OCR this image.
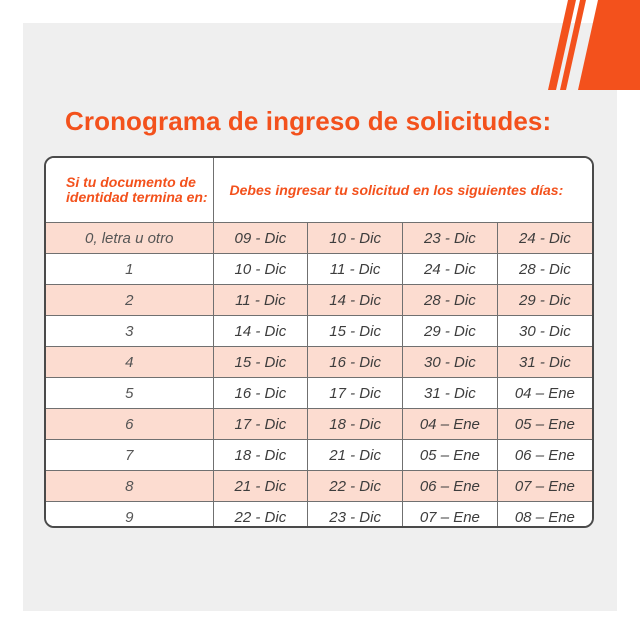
Cronograma de ingreso de solicitudes:
Si tu documento de identidad termina en:	Debes ingresar tu solicitud en los siguientes días:			
0, letra u otro	09 - Dic	10 - Dic	23 - Dic	24 - Dic
1	10 - Dic	11 - Dic	24 - Dic	28 - Dic
2	11 - Dic	14 - Dic	28 - Dic	29 - Dic
3	14 - Dic	15 - Dic	29 - Dic	30 - Dic
4	15 - Dic	16 - Dic	30 - Dic	31 - Dic
5	16 - Dic	17 - Dic	31 - Dic	04 – Ene
6	17 - Dic	18 - Dic	04 – Ene	05 – Ene
7	18 - Dic	21 - Dic	05 – Ene	06 – Ene
8	21 - Dic	22 - Dic	06 – Ene	07 – Ene
9	22 - Dic	23 - Dic	07 – Ene	08 – Ene
